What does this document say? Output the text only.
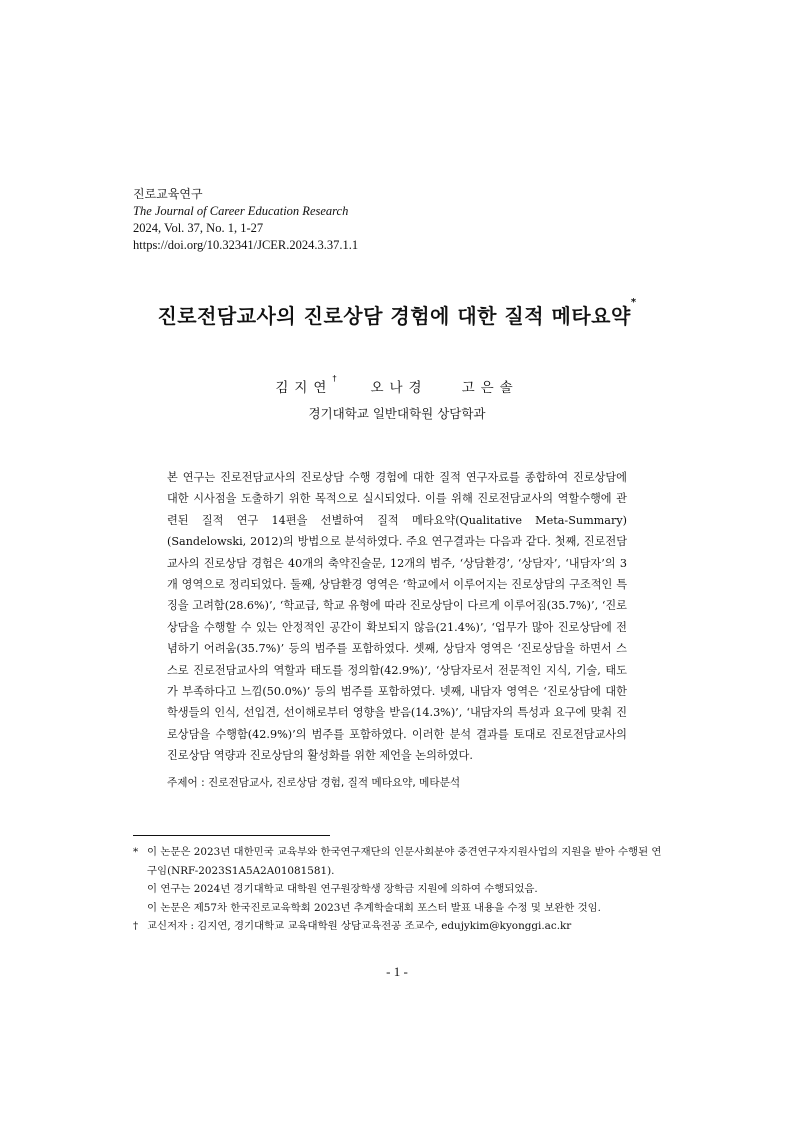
진로교육연구
The Journal of Career Education Research
2024, Vol. 37, No. 1, 1-27
https://doi.org/10.32341/JCER.2024.3.37.1.1
진로전담교사의 진로상담 경험에 대한 질적 메타요약*
김지연†오나경	고은솔
경기대학교 일반대학원 상담학과
본 연구는 진로전담교사의 진로상담 수행 경험에 대한 질적 연구자료를 종합하여 진로상담에 대한 시사점을 도출하기 위한 목적으로 실시되었다. 이를 위해 진로전담교사의 역할수행에 관련된 질적 연구 14편을 선별하여 질적 메타요약(Qualitative Meta-Summary)(Sandelowski, 2012)의 방법으로 분석하였다. 주요 연구결과는 다음과 같다. 첫째, 진로전담교사의 진로상담 경험은 40개의 축약진술문, 12개의 범주, ‘상담환경’, ‘상담자’, ‘내담자’의 3개 영역으로 정리되었다. 둘째, 상담환경 영역은 ‘학교에서 이루어지는 진로상담의 구조적인 특징을 고려함(28.6%)’, ‘학교급, 학교 유형에 따라 진로상담이 다르게 이루어짐(35.7%)’, ‘진로상담을 수행할 수 있는 안정적인 공간이 확보되지 않음(21.4%)’, ‘업무가 많아 진로상담에 전념하기 어려움(35.7%)’ 등의 범주를 포함하였다. 셋째, 상담자 영역은 ‘진로상담을 하면서 스스로 진로전담교사의 역할과 태도를 정의함(42.9%)’, ‘상담자로서 전문적인 지식, 기술, 태도가 부족하다고 느낌(50.0%)’ 등의 범주를 포함하였다. 넷째, 내담자 영역은 ‘진로상담에 대한 학생들의 인식, 선입견, 선이해로부터 영향을 받음(14.3%)’, ‘내담자의 특성과 요구에 맞춰 진로상담을 수행함(42.9%)’의 범주를 포함하였다. 이러한 분석 결과를 토대로 진로전담교사의 진로상담 역량과 진로상담의 활성화를 위한 제언을 논의하였다.
주제어 : 진로전담교사, 진로상담 경험, 질적 메타요약, 메타분석
* 이 논문은 2023년 대한민국 교육부와 한국연구재단의 인문사회분야 중견연구자지원사업의 지원을 받아 수행된 연구임(NRF-2023S1A5A2A01081581).
이 연구는 2024년 경기대학교 대학원 연구원장학생 장학금 지원에 의하여 수행되었음.
이 논문은 제57차 한국진로교육학회 2023년 추계학술대회 포스터 발표 내용을 수정 및 보완한 것임.
† 교신저자 : 김지연, 경기대학교 교육대학원 상담교육전공 조교수, edujykim@kyonggi.ac.kr
- 1 -
